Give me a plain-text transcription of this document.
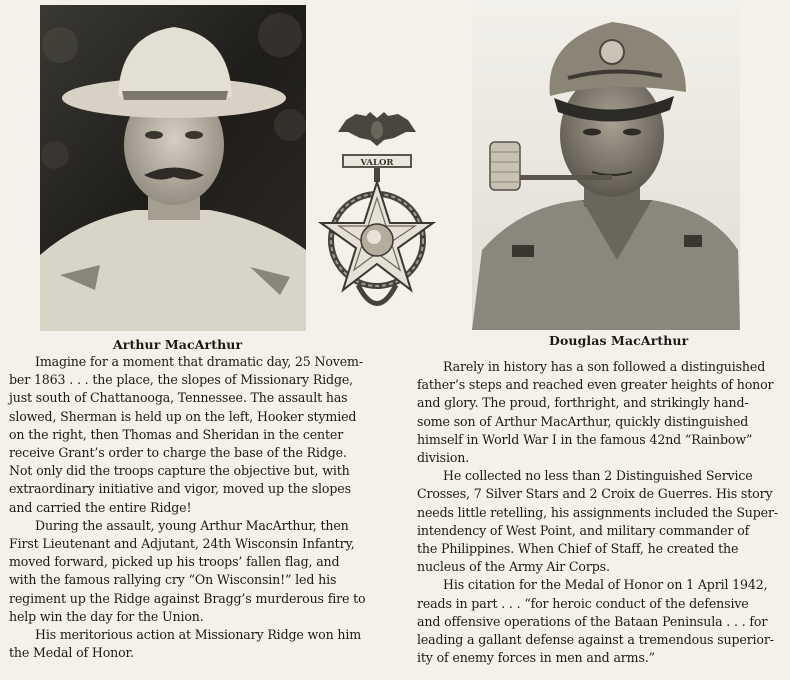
VALOR
Arthur MacArthur	Douglas MacArthur
Imagine for a moment that dramatic day, 25 Novem-
ber 1863 . . . the place, the slopes of Missionary Ridge,
just south of Chattanooga, Tennessee. The assault has
slowed, Sherman is held up on the left, Hooker stymied
on the right, then Thomas and Sheridan in the center
receive Grant’s order to charge the base of the Ridge.
Not only did the troops capture the objective but, with
extraordinary initiative and vigor, moved up the slopes
and carried the entire Ridge!
During the assault, young Arthur MacArthur, then
First Lieutenant and Adjutant, 24th Wisconsin Infantry,
moved forward, picked up his troops’ fallen flag, and
with the famous rallying cry “On Wisconsin!” led his
regiment up the Ridge against Bragg’s murderous fire to
help win the day for the Union.
His meritorious action at Missionary Ridge won him
the Medal of Honor.
Rarely in history has a son followed a distinguished
father’s steps and reached even greater heights of honor
and glory. The proud, forthright, and strikingly hand-
some son of Arthur MacArthur, quickly distinguished
himself in World War I in the famous 42nd “Rainbow”
division.
He collected no less than 2 Distinguished Service
Crosses, 7 Silver Stars and 2 Croix de Guerres. His story
needs little retelling, his assignments included the Super-
intendency of West Point, and military commander of
the Philippines. When Chief of Staff, he created the
nucleus of the Army Air Corps.
His citation for the Medal of Honor on 1 April 1942,
reads in part . . . “for heroic conduct of the defensive
and offensive operations of the Bataan Peninsula . . . for
leading a gallant defense against a tremendous superior-
ity of enemy forces in men and arms.”
